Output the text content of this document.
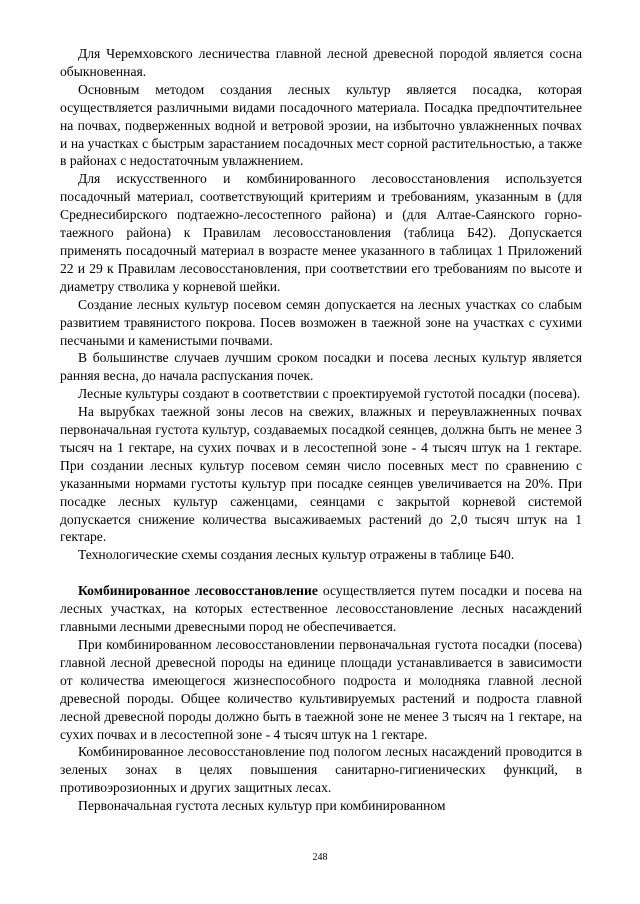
Для Черемховского лесничества главной лесной древесной породой является сосна обыкновенная.

Основным методом создания лесных культур является посадка, которая осуществляется различными видами посадочного материала. Посадка предпочтительнее на почвах, подверженных водной и ветровой эрозии, на избыточно увлажненных почвах и на участках с быстрым зарастанием посадочных мест сорной растительностью, а также в районах с недостаточным увлажнением.

Для искусственного и комбинированного лесовосстановления используется посадочный материал, соответствующий критериям и требованиям, указанным в (для Среднесибирского подтаежно-лесостепного района) и (для Алтае-Саянского горно-таежного района) к Правилам лесовосстановления (таблица Б42). Допускается применять посадочный материал в возрасте менее указанного в таблицах 1 Приложений 22 и 29 к Правилам лесовосстановления, при соответствии его требованиям по высоте и диаметру стволика у корневой шейки.

Создание лесных культур посевом семян допускается на лесных участках со слабым развитием травянистого покрова. Посев возможен в таежной зоне на участках с сухими песчаными и каменистыми почвами.

В большинстве случаев лучшим сроком посадки и посева лесных культур является ранняя весна, до начала распускания почек.

Лесные культуры создают в соответствии с проектируемой густотой посадки (посева).

На вырубках таежной зоны лесов на свежих, влажных и переувлажненных почвах первоначальная густота культур, создаваемых посадкой сеянцев, должна быть не менее 3 тысяч на 1 гектаре, на сухих почвах и в лесостепной зоне - 4 тысяч штук на 1 гектаре. При создании лесных культур посевом семян число посевных мест по сравнению с указанными нормами густоты культур при посадке сеянцев увеличивается на 20%. При посадке лесных культур саженцами, сеянцами с закрытой корневой системой допускается снижение количества высаживаемых растений до 2,0 тысяч штук на 1 гектаре.

Технологические схемы создания лесных культур отражены в таблице Б40.

Комбинированное лесовосстановление осуществляется путем посадки и посева на лесных участках, на которых естественное лесовосстановление лесных насаждений главными лесными древесными пород не обеспечивается.

При комбинированном лесовосстановлении первоначальная густота посадки (посева) главной лесной древесной породы на единице площади устанавливается в зависимости от количества имеющегося жизнеспособного подроста и молодняка главной лесной древесной породы. Общее количество культивируемых растений и подроста главной лесной древесной породы должно быть в таежной зоне не менее 3 тысяч на 1 гектаре, на сухих почвах и в лесостепной зоне - 4 тысяч штук на 1 гектаре.

Комбинированное лесовосстановление под пологом лесных насаждений проводится в зеленых зонах в целях повышения санитарно-гигиенических функций, в противоэрозионных и других защитных лесах.

Первоначальная густота лесных культур при комбинированном

248
